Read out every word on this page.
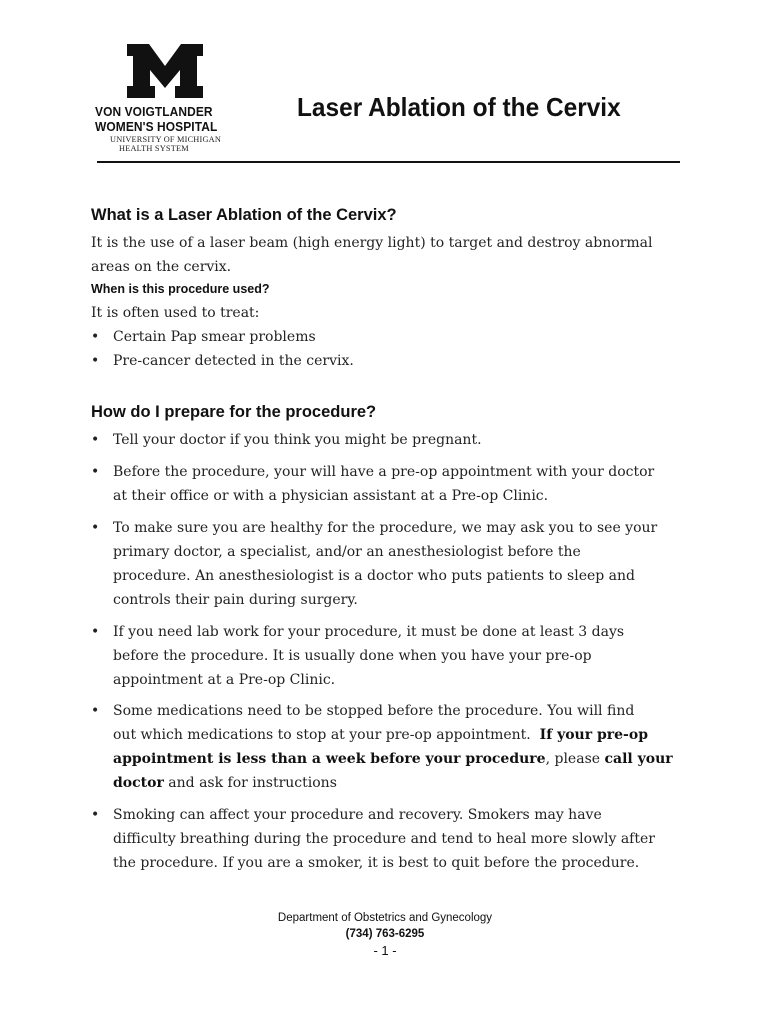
VON VOIGTLANDER
WOMEN'S HOSPITAL
UNIVERSITY OF MICHIGAN
HEALTH SYSTEM
Laser Ablation of the Cervix
What is a Laser Ablation of the Cervix?
It is the use of a laser beam (high energy light) to target and destroy abnormal
areas on the cervix.
When is this procedure used?
It is often used to treat:
• Certain Pap smear problems
• Pre-cancer detected in the cervix.
How do I prepare for the procedure?
• Tell your doctor if you think you might be pregnant.
• Before the procedure, your will have a pre-op appointment with your doctor
at their office or with a physician assistant at a Pre-op Clinic.
• To make sure you are healthy for the procedure, we may ask you to see your
primary doctor, a specialist, and/or an anesthesiologist before the
procedure. An anesthesiologist is a doctor who puts patients to sleep and
controls their pain during surgery.
• If you need lab work for your procedure, it must be done at least 3 days
before the procedure. It is usually done when you have your pre-op
appointment at a Pre-op Clinic.
• Some medications need to be stopped before the procedure. You will find
out which medications to stop at your pre-op appointment.  If your pre-op
appointment is less than a week before your procedure, please call your
doctor and ask for instructions
• Smoking can affect your procedure and recovery. Smokers may have
difficulty breathing during the procedure and tend to heal more slowly after
the procedure. If you are a smoker, it is best to quit before the procedure.
Department of Obstetrics and Gynecology
(734) 763-6295
- 1 -
